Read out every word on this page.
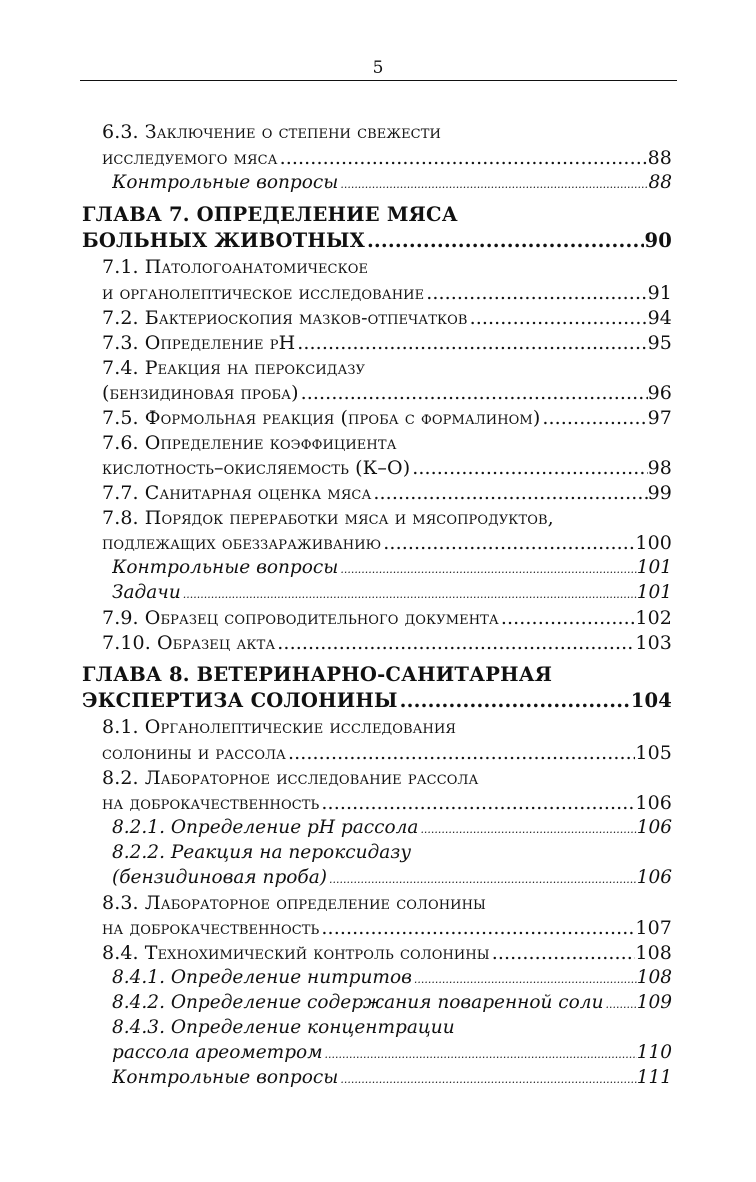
5
6.3. Заключение о степени свежести
исследуемого мяса .....	88
Контрольные вопросы .....	88
ГЛАВА 7. ОПРЕДЕЛЕНИЕ МЯСА
БОЛЬНЫХ ЖИВОТНЫХ .....	90
7.1. Патологоанатомическое
и органолептическое исследование .....	91
7.2. Бактериоскопия мазков-отпечатков .....	94
7.3. Определение pH .....	95
7.4. Реакция на пероксидазу
(бензидиновая проба) .....	96
7.5. Формольная реакция (проба с формалином) .....	97
7.6. Определение коэффициента
кислотность–окисляемость (К–О) .....	98
7.7. Санитарная оценка мяса .....	99
7.8. Порядок переработки мяса и мясопродуктов,
подлежащих обеззараживанию .....	100
Контрольные вопросы .....	101
Задачи .....	101
7.9. Образец сопроводительного документа .....	102
7.10. Образец акта .....	103
ГЛАВА 8. ВЕТЕРИНАРНО-САНИТАРНАЯ
ЭКСПЕРТИЗА СОЛОНИНЫ .....	104
8.1. Органолептические исследования
солонины и рассола .....	105
8.2. Лабораторное исследование рассола
на доброкачественность .....	106
8.2.1. Определение pH рассола .....	106
8.2.2. Реакция на пероксидазу
(бензидиновая проба) .....	106
8.3. Лабораторное определение солонины
на доброкачественность .....	107
8.4. Технохимический контроль солонины .....	108
8.4.1. Определение нитритов .....	108
8.4.2. Определение содержания поваренной соли ..... 109
8.4.3. Определение концентрации
рассола ареометром .....	110
Контрольные вопросы .....	111
